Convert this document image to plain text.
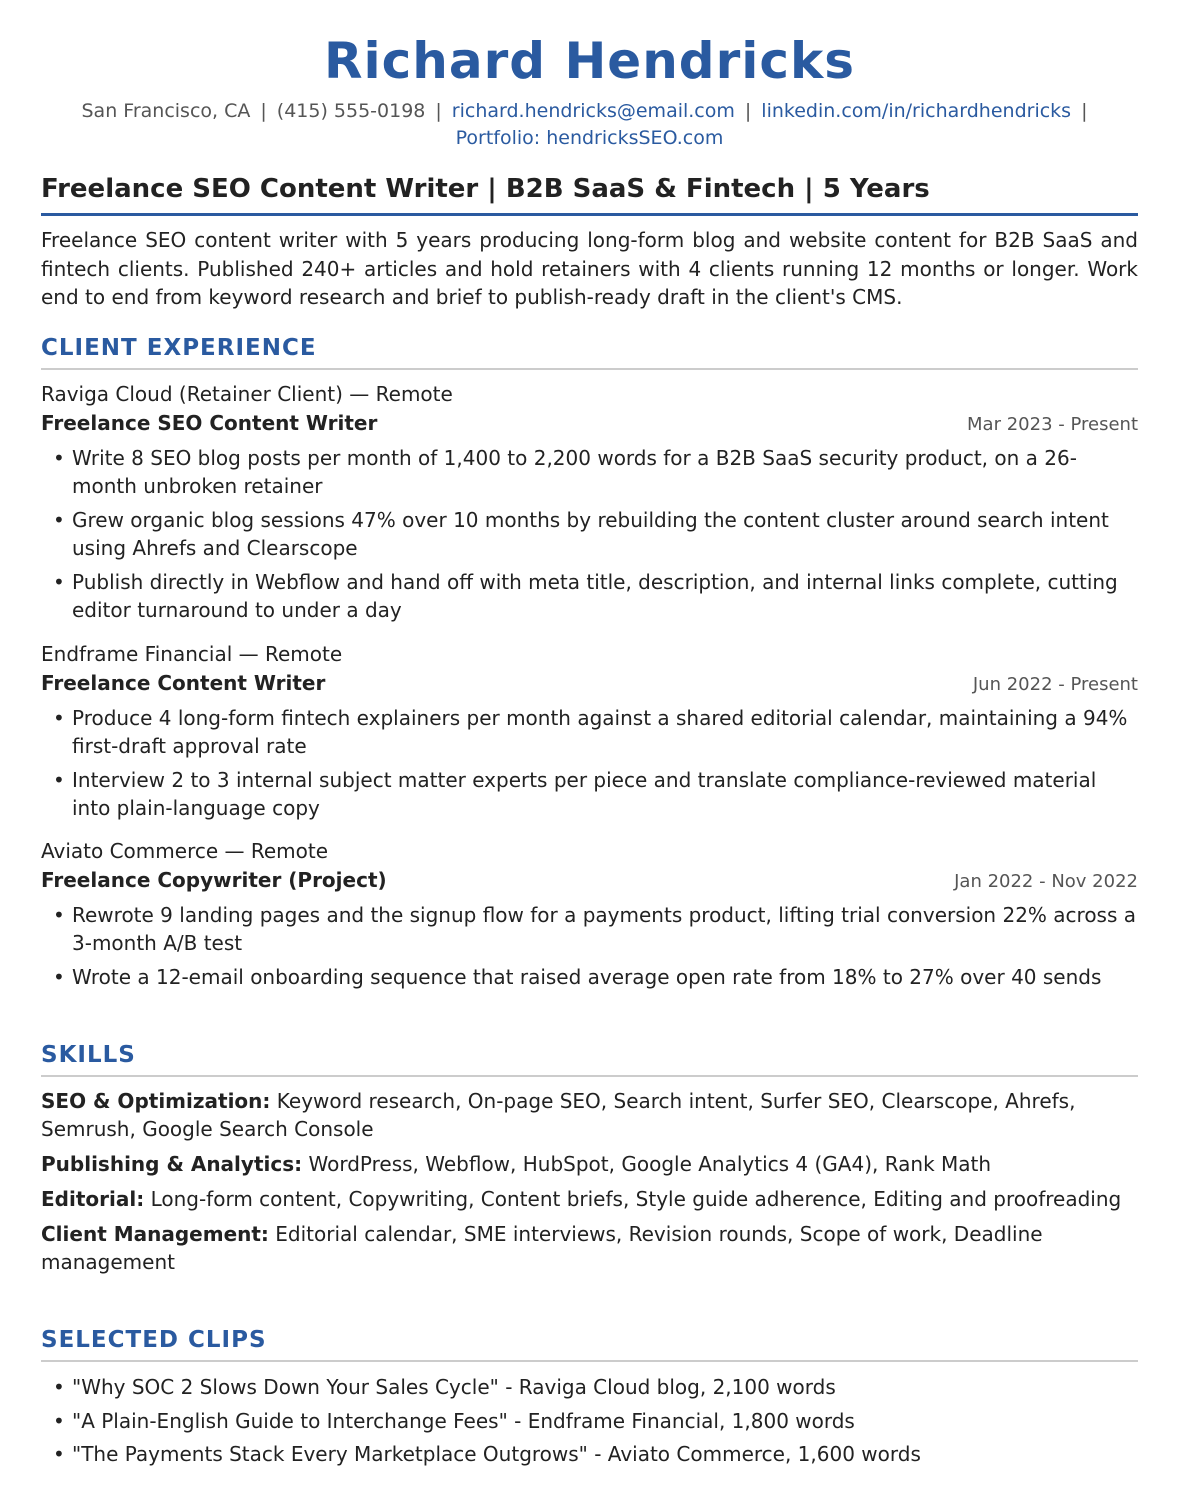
Richard Hendricks
San Francisco, CA | (415) 555-0198 | richard.hendricks@email.com | linkedin.com/in/richardhendricks |
Portfolio: hendricksSEO.com
Freelance SEO Content Writer | B2B SaaS & Fintech | 5 Years
Freelance SEO content writer with 5 years producing long-form blog and website content for B2B SaaS and fintech clients. Published 240+ articles and hold retainers with 4 clients running 12 months or longer. Work end to end from keyword research and brief to publish-ready draft in the client's CMS.
CLIENT EXPERIENCE
Raviga Cloud (Retainer Client) — Remote
Freelance SEO Content Writer	Mar 2023 - Present
• Write 8 SEO blog posts per month of 1,400 to 2,200 words for a B2B SaaS security product, on a 26-month unbroken retainer
• Grew organic blog sessions 47% over 10 months by rebuilding the content cluster around search intent using Ahrefs and Clearscope
• Publish directly in Webflow and hand off with meta title, description, and internal links complete, cutting editor turnaround to under a day
Endframe Financial — Remote
Freelance Content Writer	Jun 2022 - Present
• Produce 4 long-form fintech explainers per month against a shared editorial calendar, maintaining a 94% first-draft approval rate
• Interview 2 to 3 internal subject matter experts per piece and translate compliance-reviewed material into plain-language copy
Aviato Commerce — Remote
Freelance Copywriter (Project)	Jan 2022 - Nov 2022
• Rewrote 9 landing pages and the signup flow for a payments product, lifting trial conversion 22% across a 3-month A/B test
• Wrote a 12-email onboarding sequence that raised average open rate from 18% to 27% over 40 sends
SKILLS
SEO & Optimization: Keyword research, On-page SEO, Search intent, Surfer SEO, Clearscope, Ahrefs, Semrush, Google Search Console
Publishing & Analytics: WordPress, Webflow, HubSpot, Google Analytics 4 (GA4), Rank Math
Editorial: Long-form content, Copywriting, Content briefs, Style guide adherence, Editing and proofreading
Client Management: Editorial calendar, SME interviews, Revision rounds, Scope of work, Deadline management
SELECTED CLIPS
• "Why SOC 2 Slows Down Your Sales Cycle" - Raviga Cloud blog, 2,100 words
• "A Plain-English Guide to Interchange Fees" - Endframe Financial, 1,800 words
• "The Payments Stack Every Marketplace Outgrows" - Aviato Commerce, 1,600 words
